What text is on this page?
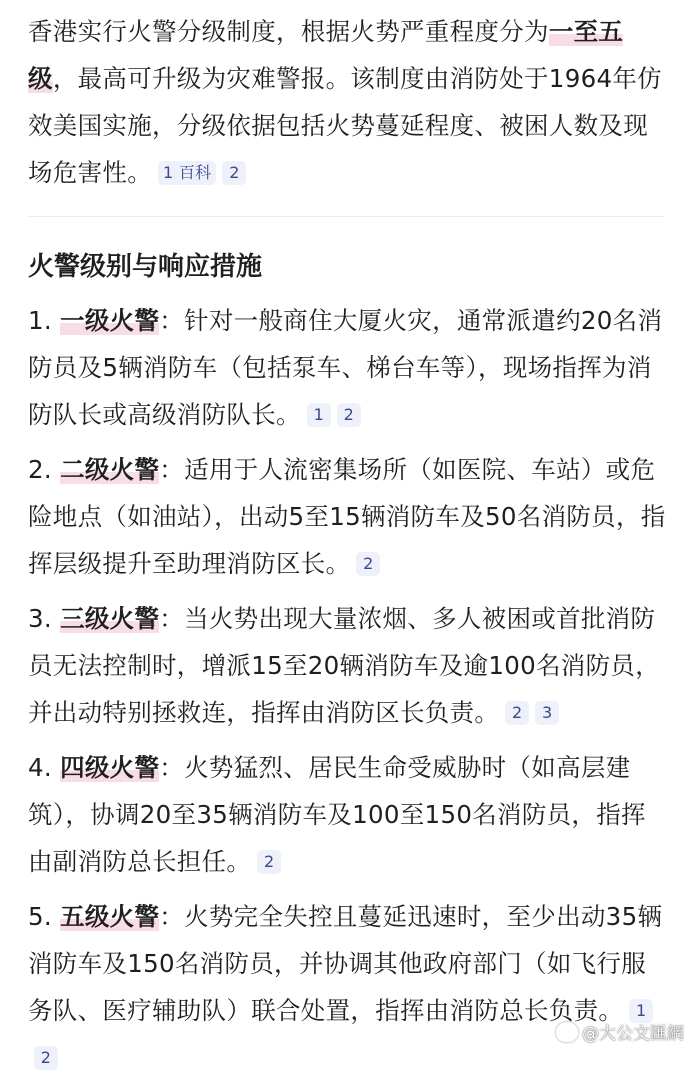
香港实行火警分级制度，根据火势严重程度分为一至五级，最高可升级为灾难警报。该制度由消防处于1964年仿效美国实施，分级依据包括火势蔓延程度、被困人数及现场危害性。 1 百科 2

火警级别与响应措施

1. 一级火警：针对一般商住大厦火灾，通常派遣约20名消防员及5辆消防车（包括泵车、梯台车等），现场指挥为消防队长或高级消防队长。 1 2

2. 二级火警：适用于人流密集场所（如医院、车站）或危险地点（如油站），出动5至15辆消防车及50名消防员，指挥层级提升至助理消防区长。 2

3. 三级火警：当火势出现大量浓烟、多人被困或首批消防员无法控制时，增派15至20辆消防车及逾100名消防员，并出动特别拯救连，指挥由消防区长负责。 2 3

4. 四级火警：火势猛烈、居民生命受威胁时（如高层建筑），协调20至35辆消防车及100至150名消防员，指挥由副消防总长担任。 2

5. 五级火警：火势完全失控且蔓延迅速时，至少出动35辆消防车及150名消防员，并协调其他政府部门（如飞行服务队、医疗辅助队）联合处置，指挥由消防总长负责。 12

@大公文匯網
